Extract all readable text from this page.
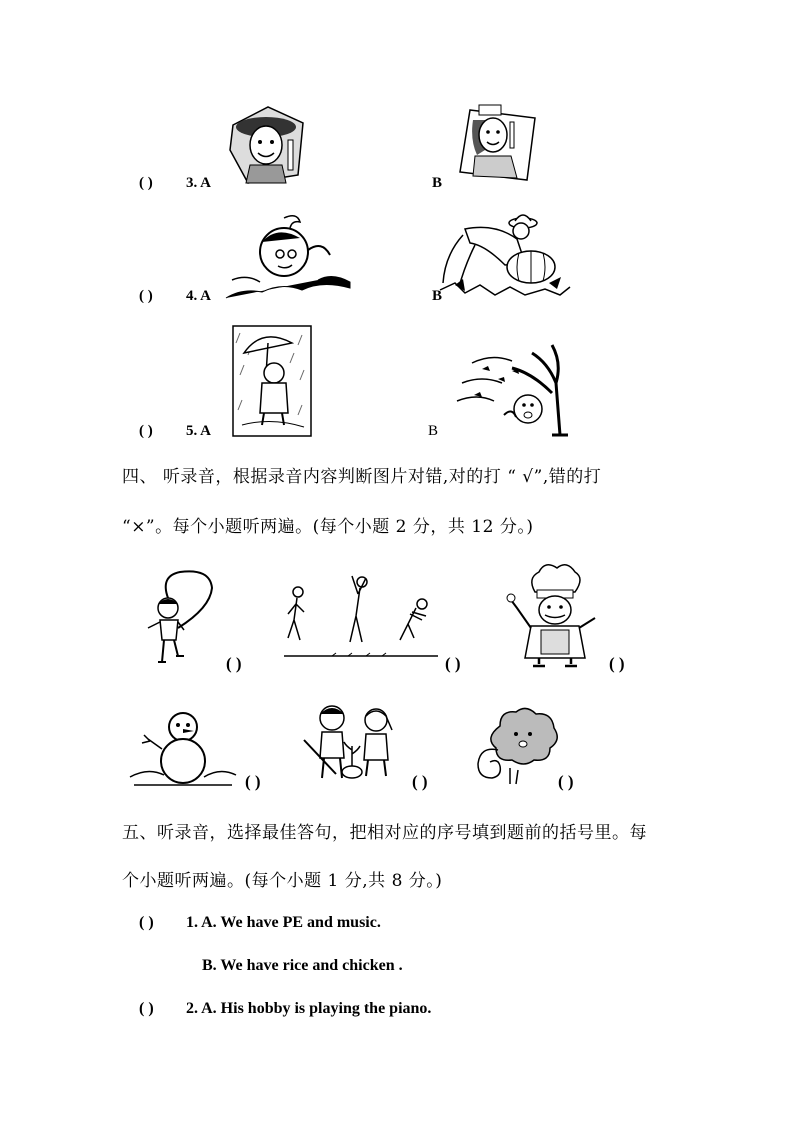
( ) 3. A	B
( ) 4. A	B
( ) 5. A	B
四、 听录音，根据录音内容判断图片对错,对的打 “ √”,错的打
“×”。每个小题听两遍。(每个小题 2 分，共 12 分。)
( )	( )	( )
( )	( )	( )
五、听录音，选择最佳答句，把相对应的序号填到题前的括号里。每
个小题听两遍。(每个小题 1 分,共 8 分。)
( ) 1. A. We have PE and music.
B. We have rice and chicken .
( ) 2. A. His hobby is playing the piano.
